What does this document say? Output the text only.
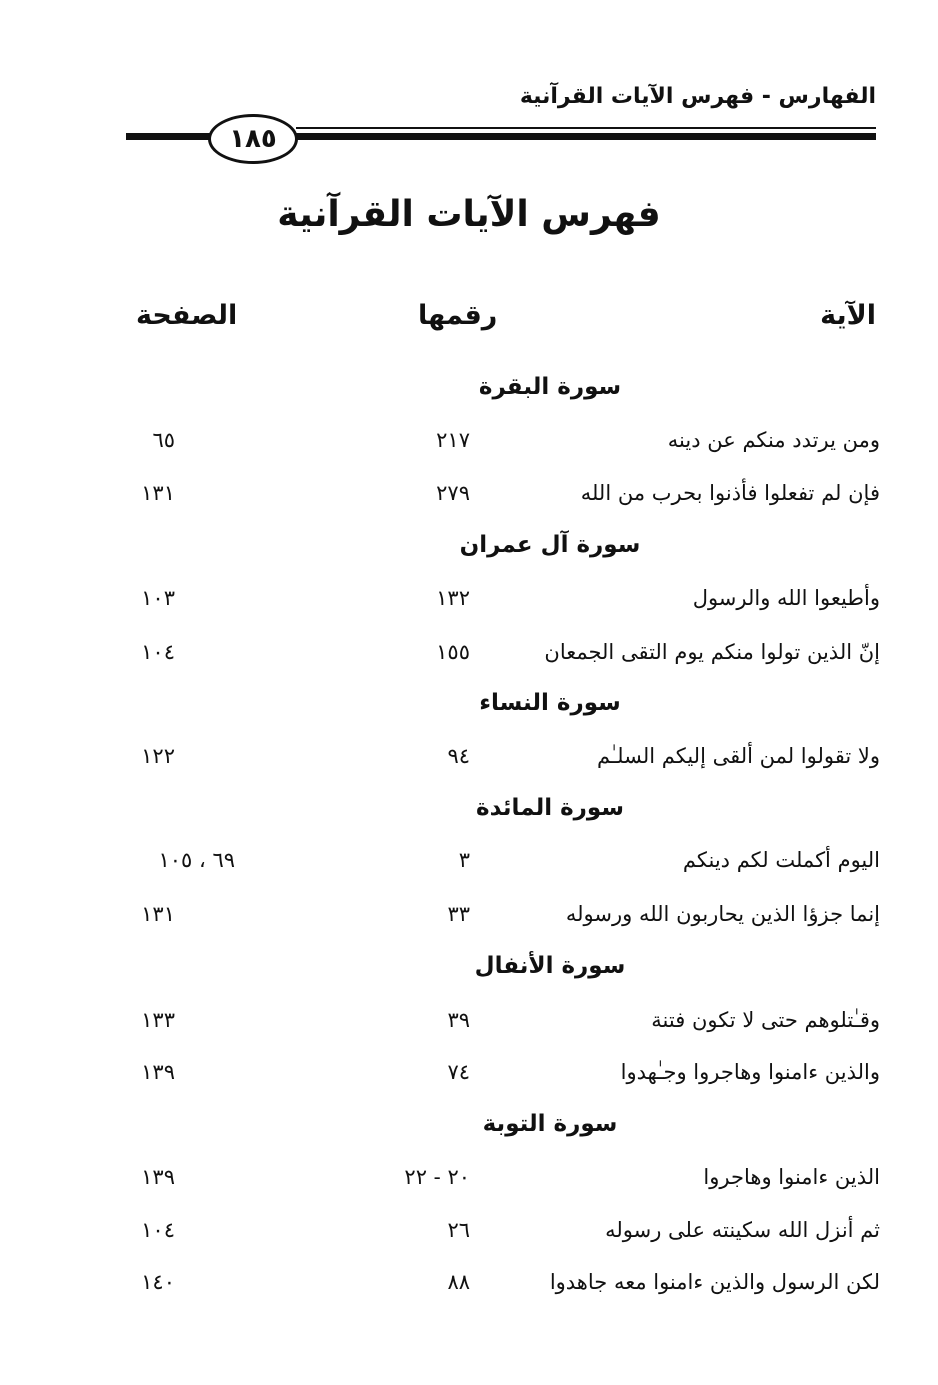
الفهارس - فهرس الآيات القرآنية
١٨٥
فهرس الآيات القرآنية
الآية
رقمها
الصفحة
سورة البقرة
ومن يرتدد منكم عن دينه
٢١٧
٦٥
فإن لم تفعلوا فأذنوا بحرب من الله
٢٧٩
١٣١
سورة آل عمران
وأطيعوا الله والرسول
١٣٢
١٠٣
إنّ الذين تولوا منكم يوم التقى الجمعان
١٥٥
١٠٤
سورة النساء
ولا تقولوا لمن ألقى إليكم السلـٰم
٩٤
١٢٢
سورة المائدة
اليوم أكملت لكم دينكم
٣
٦٩ ، ١٠٥
إنما جزؤا الذين يحاربون الله ورسوله
٣٣
١٣١
سورة الأنفال
وقـٰتلوهم حتى لا تكون فتنة
٣٩
١٣٣
والذين ءامنوا وهاجروا وجـٰهدوا
٧٤
١٣٩
سورة التوبة
الذين ءامنوا وهاجروا
٢٠ - ٢٢
١٣٩
ثم أنزل الله سكينته على رسوله
٢٦
١٠٤
لكن الرسول والذين ءامنوا معه جاهدوا
٨٨
١٤٠
